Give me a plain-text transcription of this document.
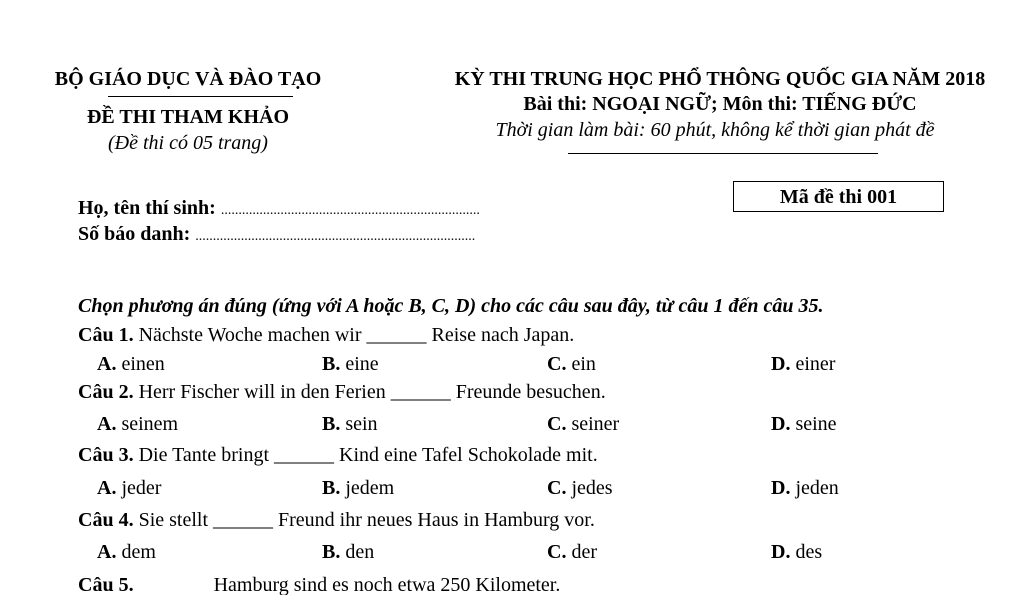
BỘ GIÁO DỤC VÀ ĐÀO TẠO
ĐỀ THI THAM KHẢO
(Đề thi có 05 trang)
KỲ THI TRUNG HỌC PHỔ THÔNG QUỐC GIA NĂM 2018
Bài thi: NGOẠI NGỮ; Môn thi: TIẾNG ĐỨC
Thời gian làm bài: 60 phút, không kể thời gian phát đề
Mã đề thi 001
Họ, tên thí sinh: ..........................................................................
Số báo danh: ................................................................................
Chọn phương án đúng (ứng với A hoặc B, C, D) cho các câu sau đây, từ câu 1 đến câu 35.
Câu 1. Nächste Woche machen wir ______ Reise nach Japan.
A. einen	B. eine	C. ein	D. einer
Câu 2. Herr Fischer will in den Ferien ______ Freunde besuchen.
A. seinem	B. sein	C. seiner	D. seine
Câu 3. Die Tante bringt ______ Kind eine Tafel Schokolade mit.
A. jeder	B. jedem	C. jedes	D. jeden
Câu 4. Sie stellt ______ Freund ihr neues Haus in Hamburg vor.
A. dem	B. den	C. der	D. des
Câu 5.	Hamburg sind es noch etwa 250 Kilometer.
